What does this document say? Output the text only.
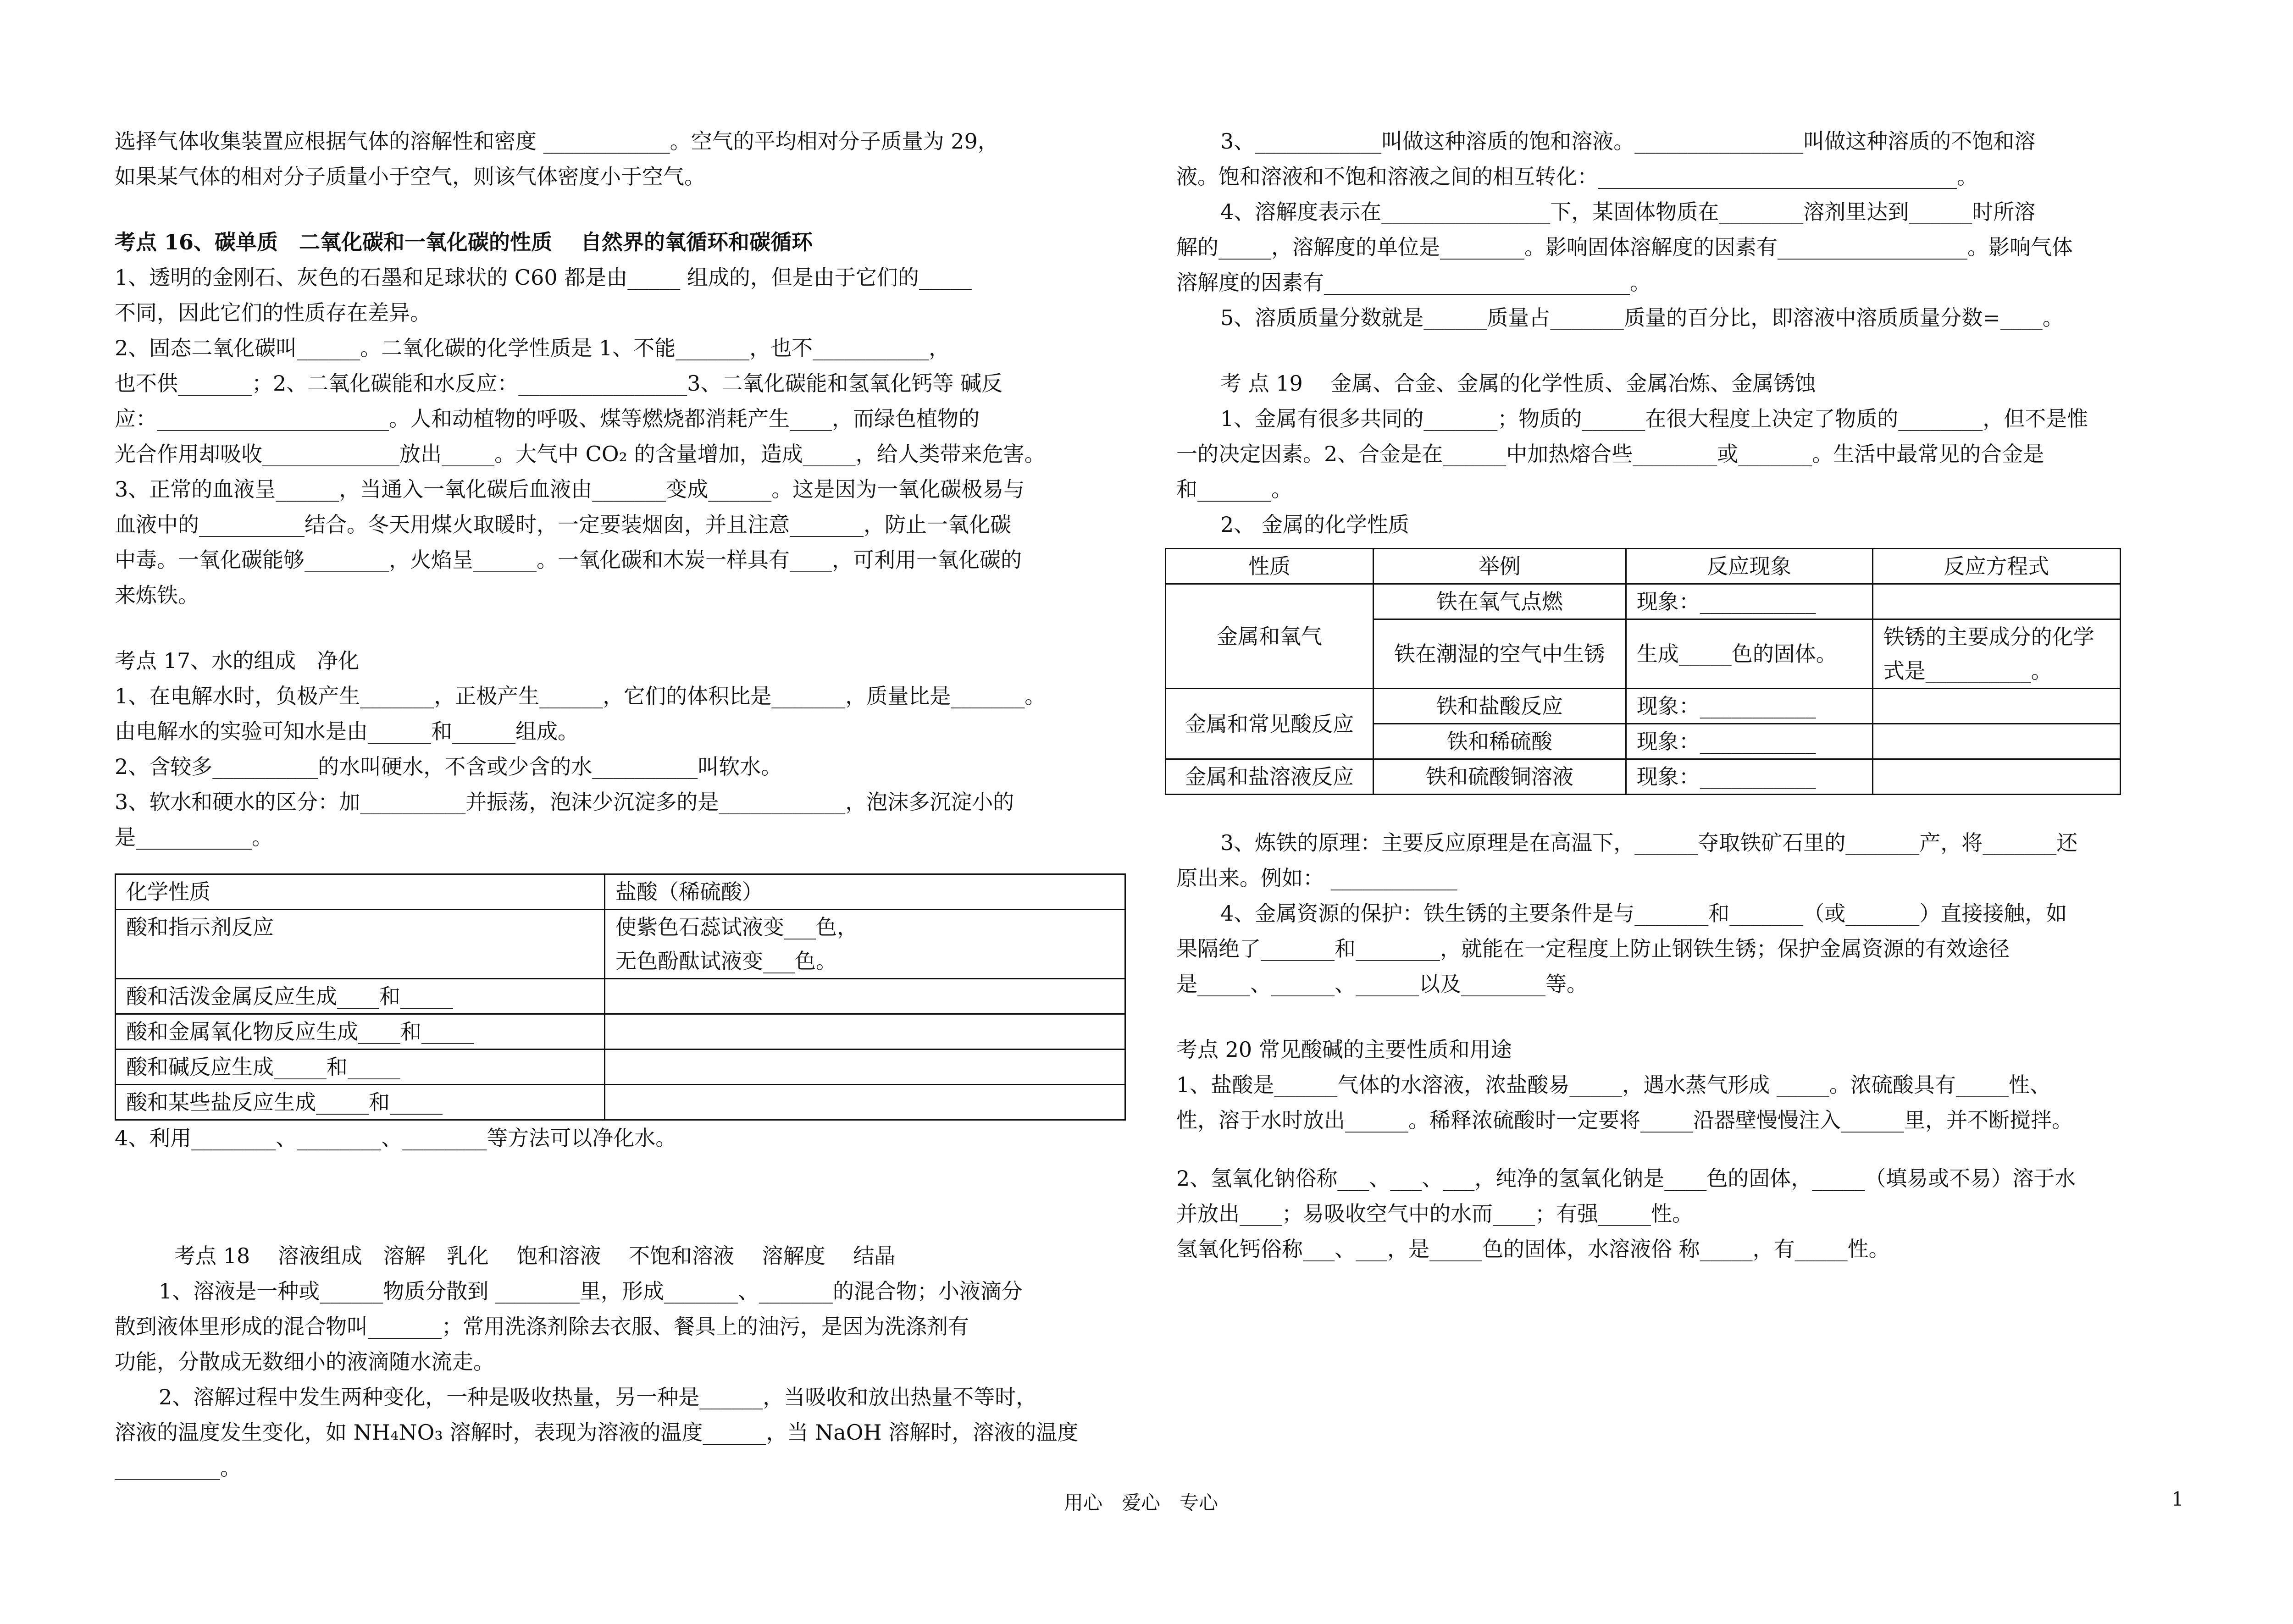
选择气体收集装置应根据气体的溶解性和密度 ____________。空气的平均相对分子质量为 29，

如果某气体的相对分子质量小于空气，则该气体密度小于空气。

考点 16、碳单质　二氧化碳和一氧化碳的性质　 自然界的氧循环和碳循环

1、透明的金刚石、灰色的石墨和足球状的 C60 都是由_____ 组成的，但是由于它们的_____

不同，因此它们的性质存在差异。

2、固态二氧化碳叫______。二氧化碳的化学性质是 1、不能_______，也不___________，

也不供_______；2、二氧化碳能和水反应：________________3、二氧化碳能和氢氧化钙等 碱反

应：______________________。人和动植物的呼吸、煤等燃烧都消耗产生____，而绿色植物的

光合作用却吸收_____________放出_____。大气中 CO₂ 的含量增加，造成_____，给人类带来危害。

3、正常的血液呈______，当通入一氧化碳后血液由_______变成______。这是因为一氧化碳极易与

血液中的__________结合。冬天用煤火取暖时，一定要装烟囱，并且注意_______，防止一氧化碳

中毒。一氧化碳能够________，火焰呈______。一氧化碳和木炭一样具有____，可利用一氧化碳的

来炼铁。

考点 17、水的组成　净化

1、在电解水时，负极产生_______，正极产生______，它们的体积比是_______，质量比是_______。

由电解水的实验可知水是由______和______组成。

2、含较多__________的水叫硬水，不含或少含的水__________叫软水。

3、软水和硬水的区分：加__________并振荡，泡沫少沉淀多的是____________，泡沫多沉淀小的

是___________。

化学性质	盐酸（稀硫酸）
酸和指示剂反应	使紫色石蕊试液变___色，
无色酚酞试液变___色。
酸和活泼金属反应生成____和_____	
酸和金属氧化物反应生成____和_____	
酸和碱反应生成_____和_____	
酸和某些盐反应生成_____和_____	

4、利用________、________、________等方法可以净化水。

考点 18　 溶液组成　溶解　乳化　 饱和溶液　 不饱和溶液　 溶解度　 结晶

1、溶液是一种或______物质分散到 ________里，形成_______、_______的混合物；小液滴分

散到液体里形成的混合物叫_______；常用洗涤剂除去衣服、餐具上的油污，是因为洗涤剂有

功能，分散成无数细小的液滴随水流走。

2、溶解过程中发生两种变化，一种是吸收热量，另一种是______，当吸收和放出热量不等时，

溶液的温度发生变化，如 NH₄NO₃ 溶解时，表现为溶液的温度______，当 NaOH 溶解时，溶液的温度__________。

3、____________叫做这种溶质的饱和溶液。________________叫做这种溶质的不饱和溶

液。饱和溶液和不饱和溶液之间的相互转化：__________________________________。

4、溶解度表示在________________下，某固体物质在________溶剂里达到______时所溶

解的_____，溶解度的单位是________。影响固体溶解度的因素有__________________。影响气体

溶解度的因素有_____________________________。

5、溶质质量分数就是______质量占_______质量的百分比，即溶液中溶质质量分数=____。

考 点 19　 金属、合金、金属的化学性质、金属冶炼、金属锈蚀

1、金属有很多共同的_______；物质的______在很大程度上决定了物质的________，但不是惟

一的决定因素。2、合金是在______中加热熔合些________或_______。生活中最常见的合金是

和_______。

2、 金属的化学性质

性质	举例	反应现象	反应方程式
金属和氧气	铁在氧气点燃	现象：___________	
	铁在潮湿的空气中生锈	生成_____色的固体。	铁锈的主要成分的化学式是__________。
金属和常见酸反应	铁和盐酸反应	现象：___________	
	铁和稀硫酸	现象：___________	
金属和盐溶液反应	铁和硫酸铜溶液	现象：___________	

3、炼铁的原理：主要反应原理是在高温下，______夺取铁矿石里的_______产，将_______还

原出来。例如： ____________

4、金属资源的保护：铁生锈的主要条件是与_______和_______（或_______）直接接触，如

果隔绝了_______和________，就能在一定程度上防止钢铁生锈；保护金属资源的有效途径

是_____、______、______以及________等。

考点 20 常见酸碱的主要性质和用途

1、盐酸是______气体的水溶液，浓盐酸易_____，遇水蒸气形成 _____。浓硫酸具有_____性、

性，溶于水时放出______。稀释浓硫酸时一定要将_____沿器壁慢慢注入______里，并不断搅拌。

2、氢氧化钠俗称___、___、___，纯净的氢氧化钠是____色的固体，_____（填易或不易）溶于水

并放出____；易吸收空气中的水而____；有强_____性。

氢氧化钙俗称___、___，是_____色的固体，水溶液俗 称_____，有_____性。

用心　爱心　专心	1
